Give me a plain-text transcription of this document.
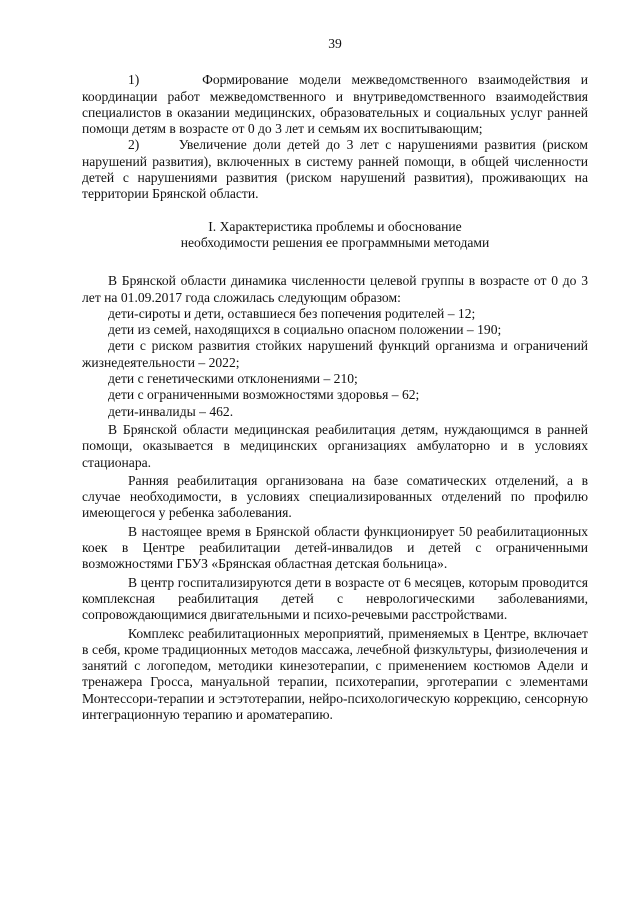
39

1)	Формирование модели межведомственного взаимодействия и координации работ межведомственного и внутриведомственного взаимодействия специалистов в оказании медицинских, образовательных и социальных услуг ранней помощи детям в возрасте от 0 до 3 лет и семьям их воспитывающим;

2)	Увеличение доли детей до 3 лет с нарушениями развития (риском нарушений развития), включенных в систему ранней помощи, в общей численности детей с нарушениями развития (риском нарушений развития), проживающих на территории Брянской области.

I. Характеристика проблемы и обоснование
необходимости решения ее программными методами

В Брянской области динамика численности целевой группы в возрасте от 0 до 3 лет на 01.09.2017 года сложилась следующим образом:

дети-сироты и дети, оставшиеся без попечения родителей – 12;

дети из семей, находящихся в социально опасном положении – 190;

дети с риском развития стойких нарушений функций организма и ограничений жизнедеятельности – 2022;

дети с генетическими отклонениями – 210;

дети с ограниченными возможностями здоровья – 62;

дети-инвалиды – 462.

В Брянской области медицинская реабилитация детям, нуждающимся в ранней помощи, оказывается в медицинских организациях амбулаторно и в условиях стационара.

Ранняя реабилитация организована на базе соматических отделений, а в случае необходимости, в условиях специализированных отделений по профилю имеющегося у ребенка заболевания.

В настоящее время в Брянской области функционирует 50 реабилитационных коек в Центре реабилитации детей-инвалидов и детей с ограниченными возможностями ГБУЗ «Брянская областная детская больница».

В центр госпитализируются дети в возрасте от 6 месяцев, которым проводится комплексная реабилитация детей с неврологическими заболеваниями, сопровождающимися двигательными и психо-речевыми расстройствами.

Комплекс реабилитационных мероприятий, применяемых в Центре, включает в себя, кроме традиционных методов массажа, лечебной физкультуры, физиолечения и занятий с логопедом, методики кинезотерапии, с применением костюмов Адели и тренажера Гросса, мануальной терапии, психотерапии, эрготерапии с элементами Монтессори-терапии и эстэтотерапии, нейро-психологическую коррекцию, сенсорную интеграционную терапию и ароматерапию.
